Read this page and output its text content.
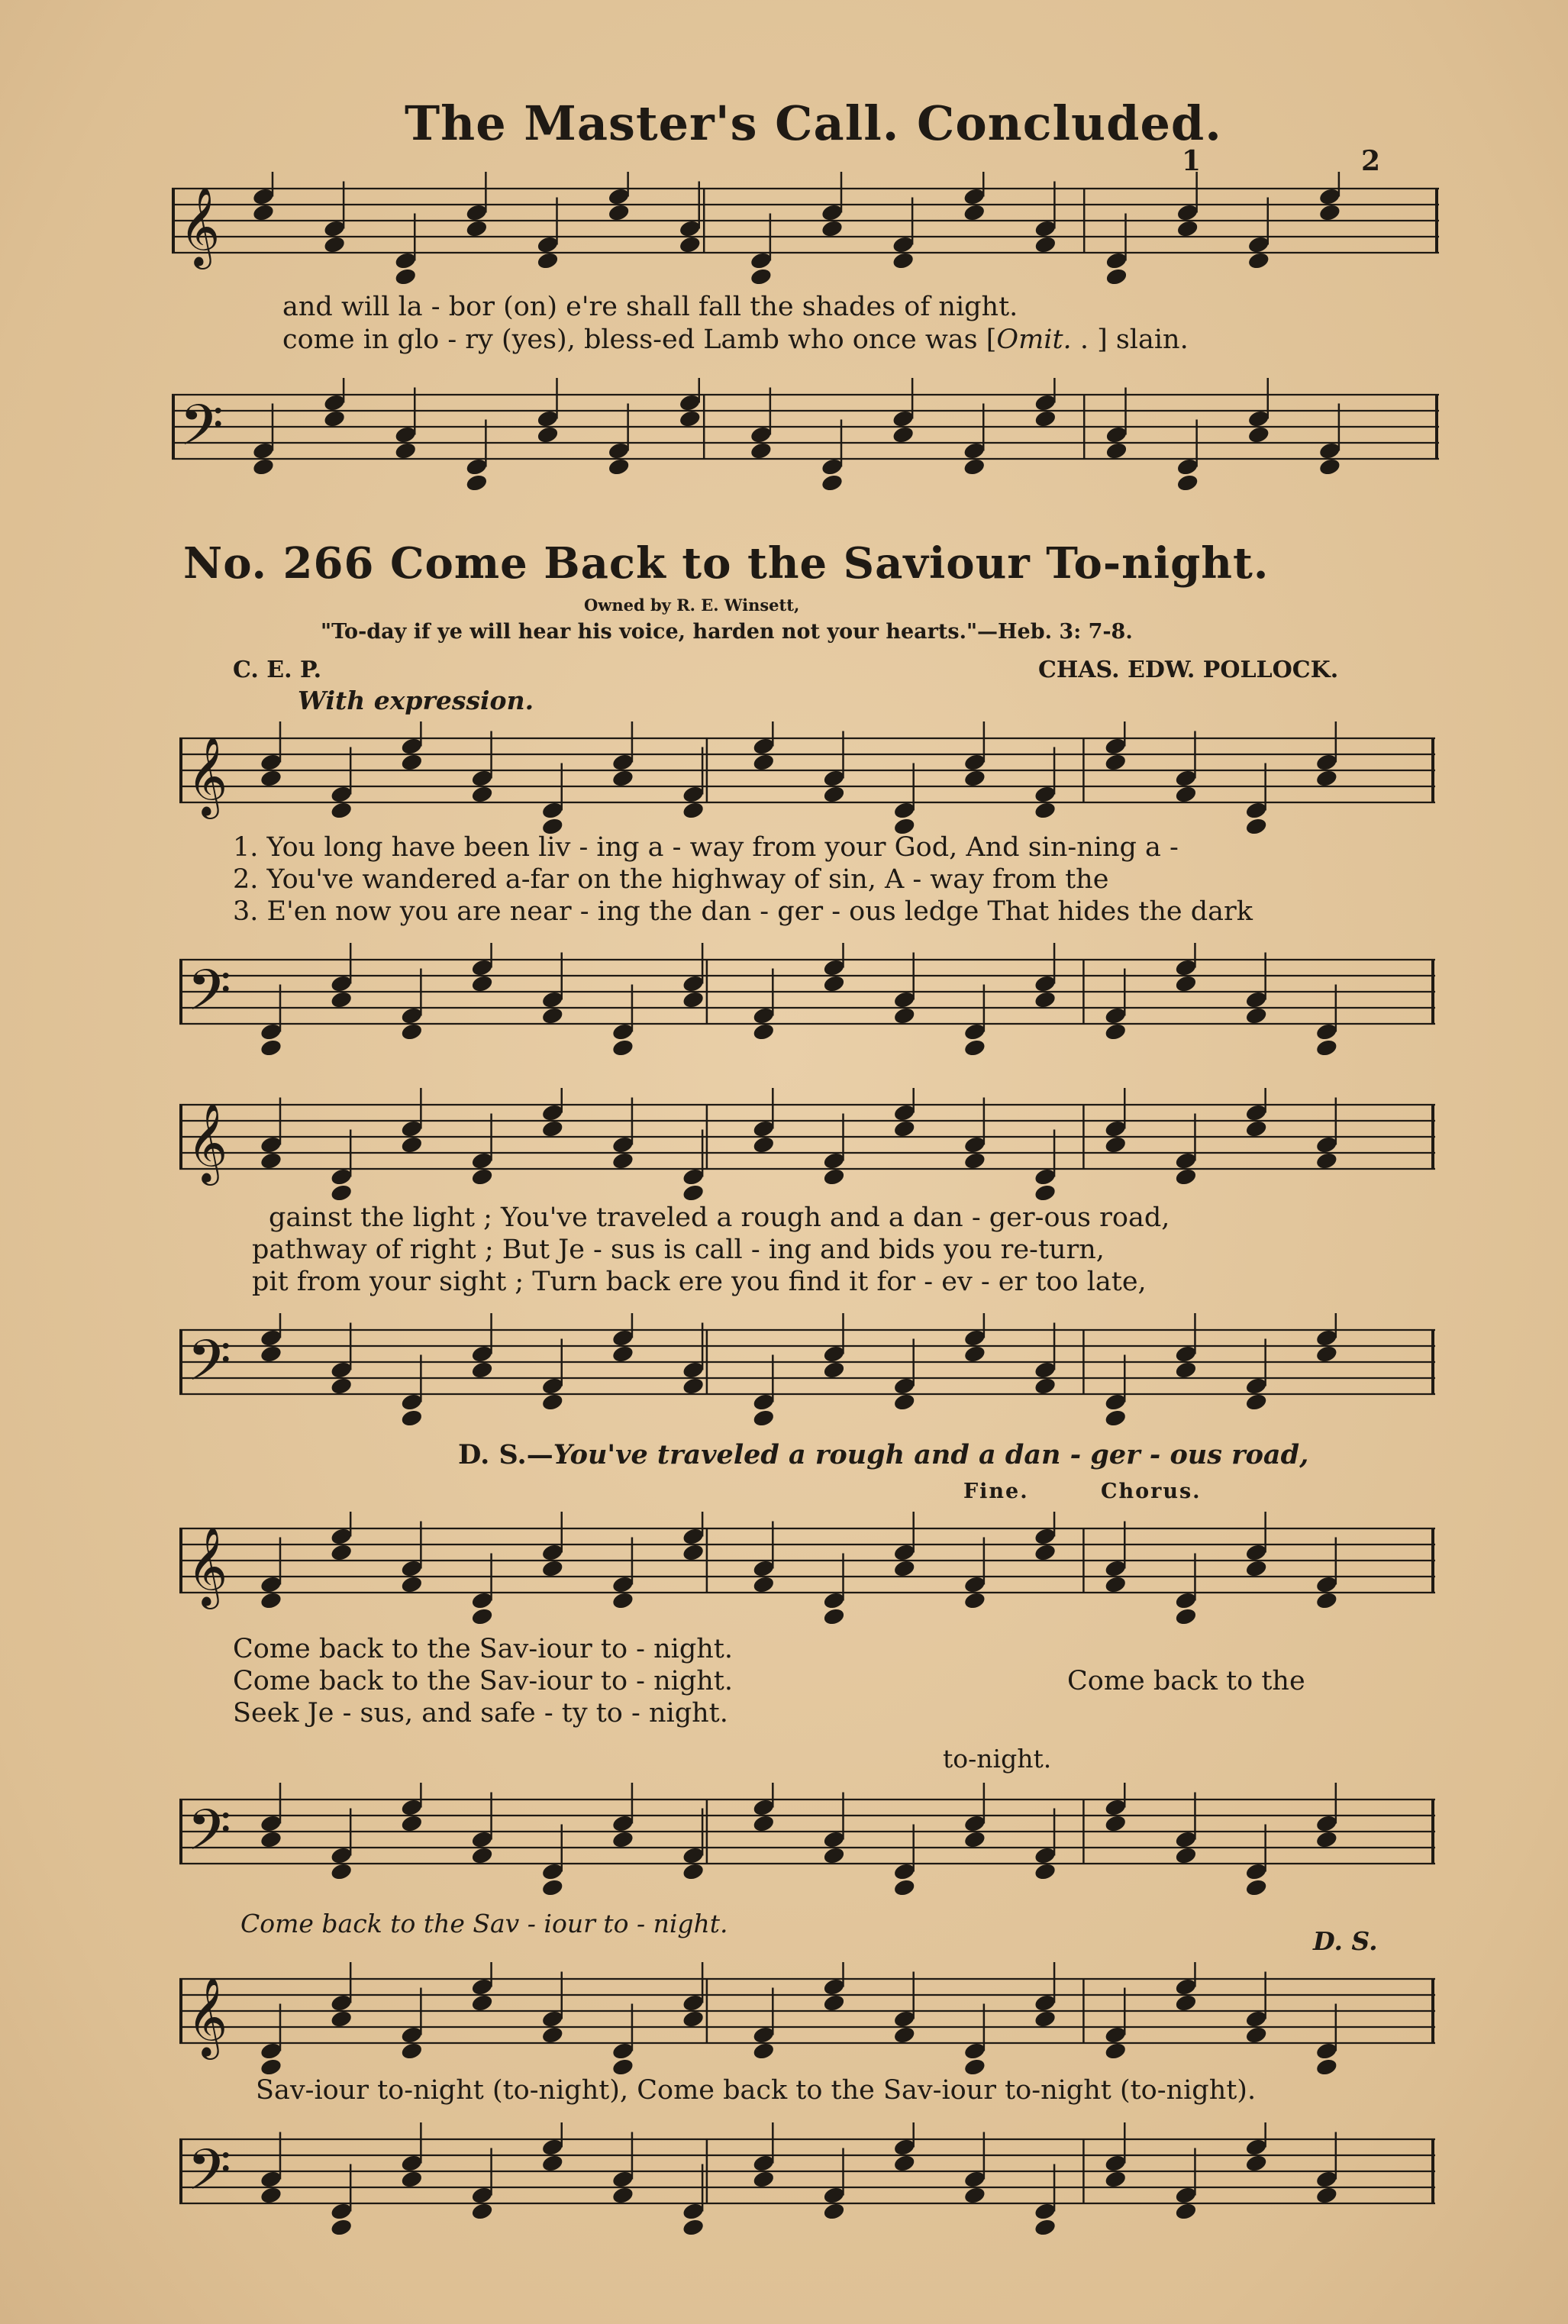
The Master's Call. Concluded.
𝄞
1	2
and will la - bor (on) e're shall fall the shades of night.
come in glo - ry (yes), bless-ed Lamb who once was [Omit. . ] slain.
𝄢
No. 266 Come Back to the Saviour To-night.
Owned by R. E. Winsett,
"To-day if ye will hear his voice, harden not your hearts."—Heb. 3: 7-8.
C. E. P.	CHAS. EDW. POLLOCK.
With expression.
𝄞
1. You long have been liv - ing a - way from your God, And sin-ning a -
2. You've wandered a-far on the highway of sin, A - way from the
3. E'en now you are near - ing the dan - ger - ous ledge That hides the dark
𝄢
𝄞
gainst the light ; You've traveled a rough and a dan - ger-ous road,
pathway of right ; But Je - sus is call - ing and bids you re-turn,
pit from your sight ; Turn back ere you find it for - ev - er too late,
𝄢
D. S.—You've traveled a rough and a dan - ger - ous road,
Fine.	Chorus.
𝄞
Come back to the Sav-iour to - night.
Come back to the Sav-iour to - night.	Come back to the
Seek Je - sus, and safe - ty to - night.
to-night.
𝄢
Come back to the Sav - iour to - night.
D. S.
𝄞
Sav-iour to-night (to-night), Come back to the Sav-iour to-night (to-night).
𝄢
